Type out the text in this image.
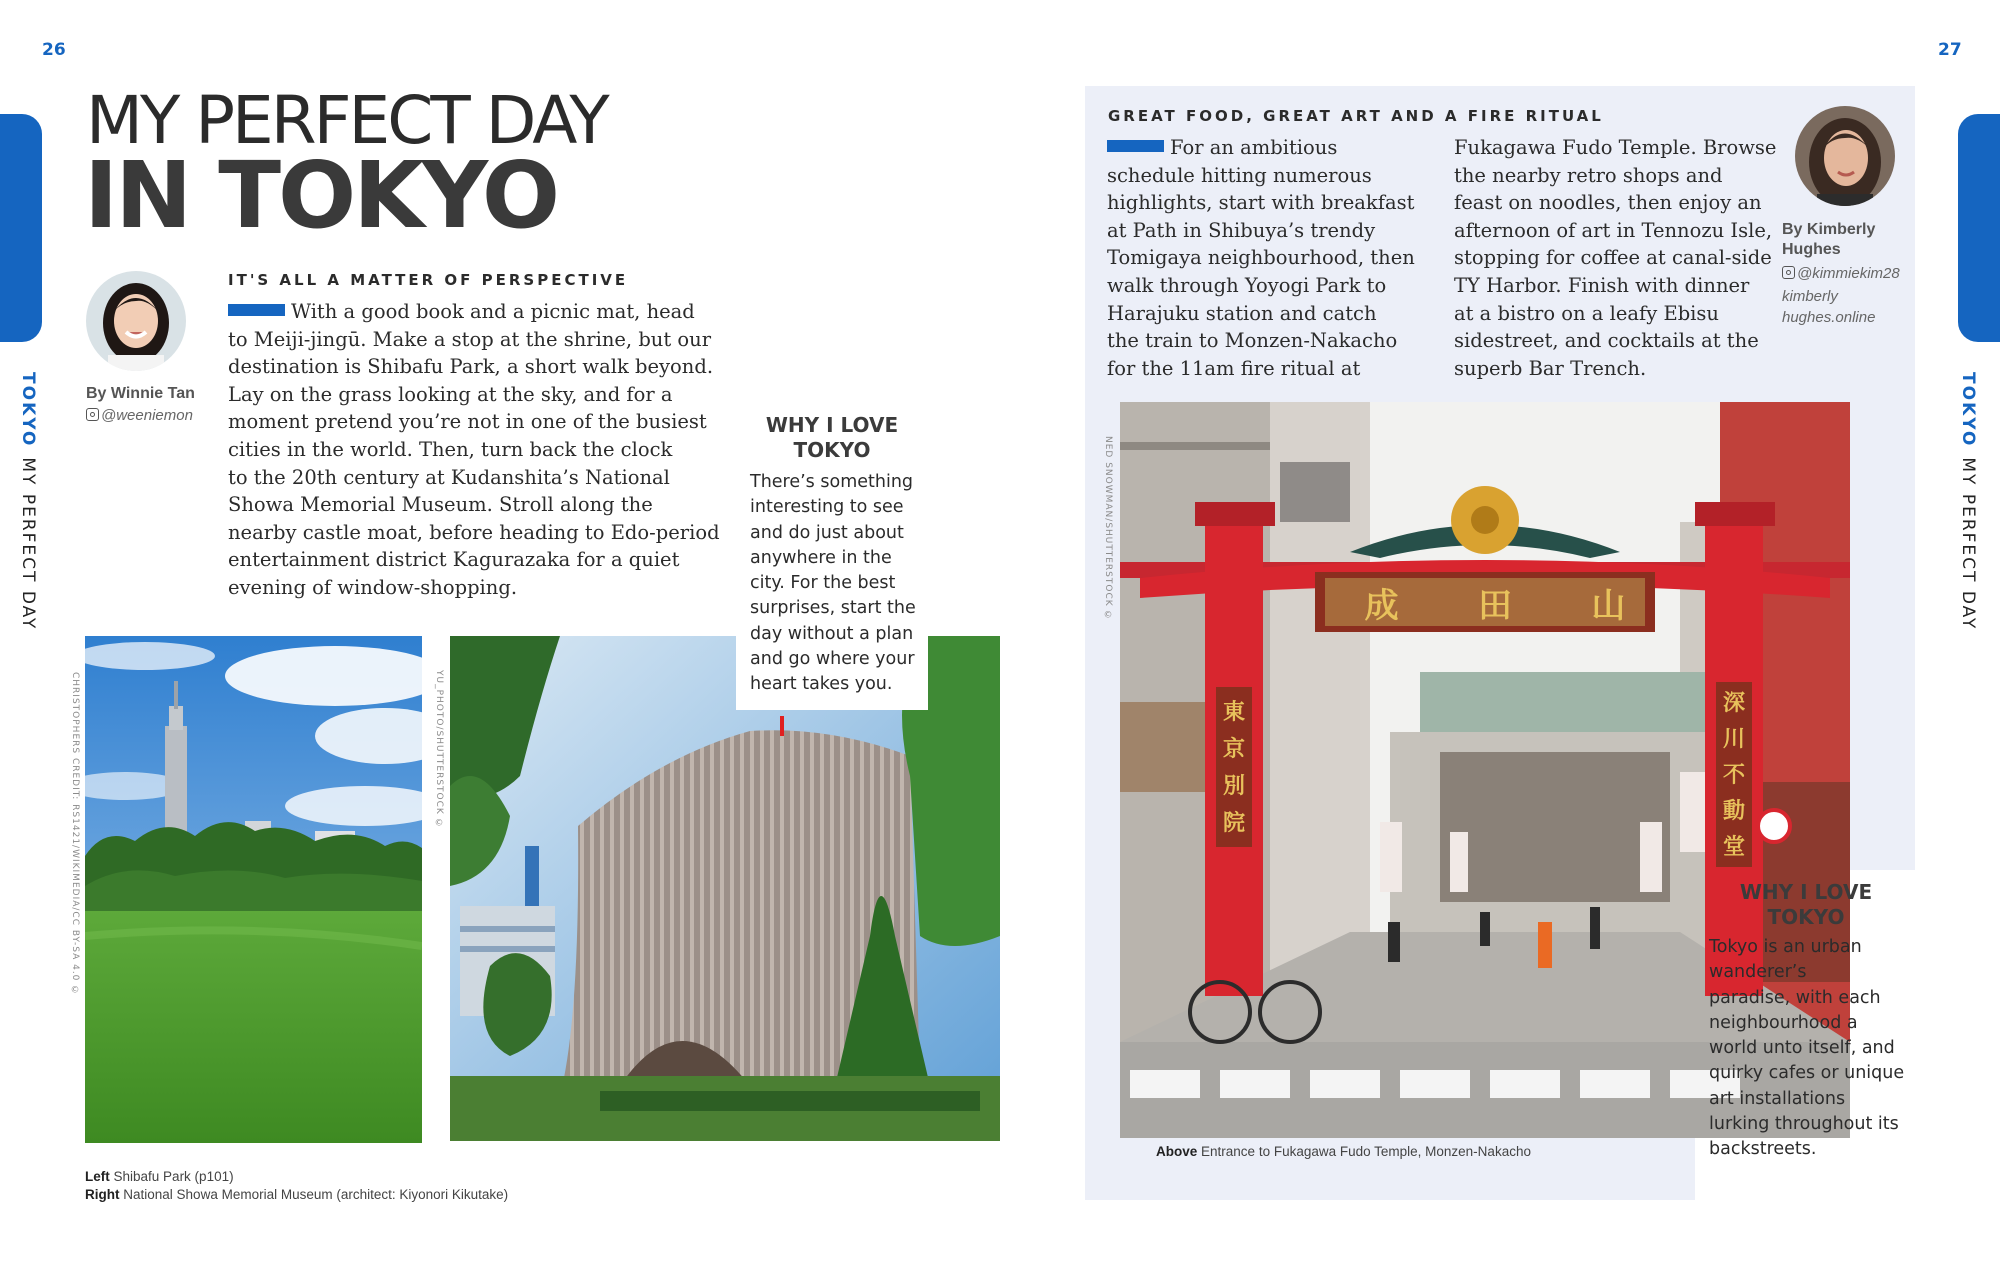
26
TOKYOMY PERFECT DAY
MY PERFECT DAY
IN TOKYO
By Winnie Tan
@weeniemon
IT'S ALL A MATTER OF PERSPECTIVE
With a good book and a picnic mat, head
to Meiji-jingū. Make a stop at the shrine, but our
destination is Shibafu Park, a short walk beyond.
Lay on the grass looking at the sky, and for a
moment pretend you’re not in one of the busiest
cities in the world. Then, turn back the clock
to the 20th century at Kudanshita’s National
Showa Memorial Museum. Stroll along the
nearby castle moat, before heading to Edo-period
entertainment district Kagurazaka for a quiet
evening of window-shopping.
CHRISTOPHERS CREDIT: RS1421/WIKIMEDIA/CC BY-SA 4.0 ©	YU_PHOTO/SHUTTERSTOCK ©
WHY I LOVE
TOKYO
There’s something
interesting to see
and do just about
anywhere in the
city. For the best
surprises, start the
day without a plan
and go where your
heart takes you.
Left Shibafu Park (p101)
Right National Showa Memorial Museum (architect: Kiyonori Kikutake)
27
TOKYOMY PERFECT DAY
GREAT FOOD, GREAT ART AND A FIRE RITUAL
For an ambitious
schedule hitting numerous
highlights, start with breakfast
at Path in Shibuya’s trendy
Tomigaya neighbourhood, then
walk through Yoyogi Park to
Harajuku station and catch
the train to Monzen-Nakacho
for the 11am fire ritual at
Fukagawa Fudo Temple. Browse
the nearby retro shops and
feast on noodles, then enjoy an
afternoon of art in Tennozu Isle,
stopping for coffee at canal-side
TY Harbor. Finish with dinner
at a bistro on a leafy Ebisu
sidestreet, and cocktails at the
superb Bar Trench.
By Kimberly
Hughes
@kimmiekim28
kimberly
hughes.online
成 田 山
東
京
別
院
深
川
不
動
堂
NED SNOWMAN/SHUTTERSTOCK ©
WHY I LOVE
TOKYO
Tokyo is an urban
wanderer’s
paradise, with each
neighbourhood a
world unto itself, and
quirky cafes or unique
art installations
lurking throughout its
backstreets.
Above Entrance to Fukagawa Fudo Temple, Monzen-Nakacho
